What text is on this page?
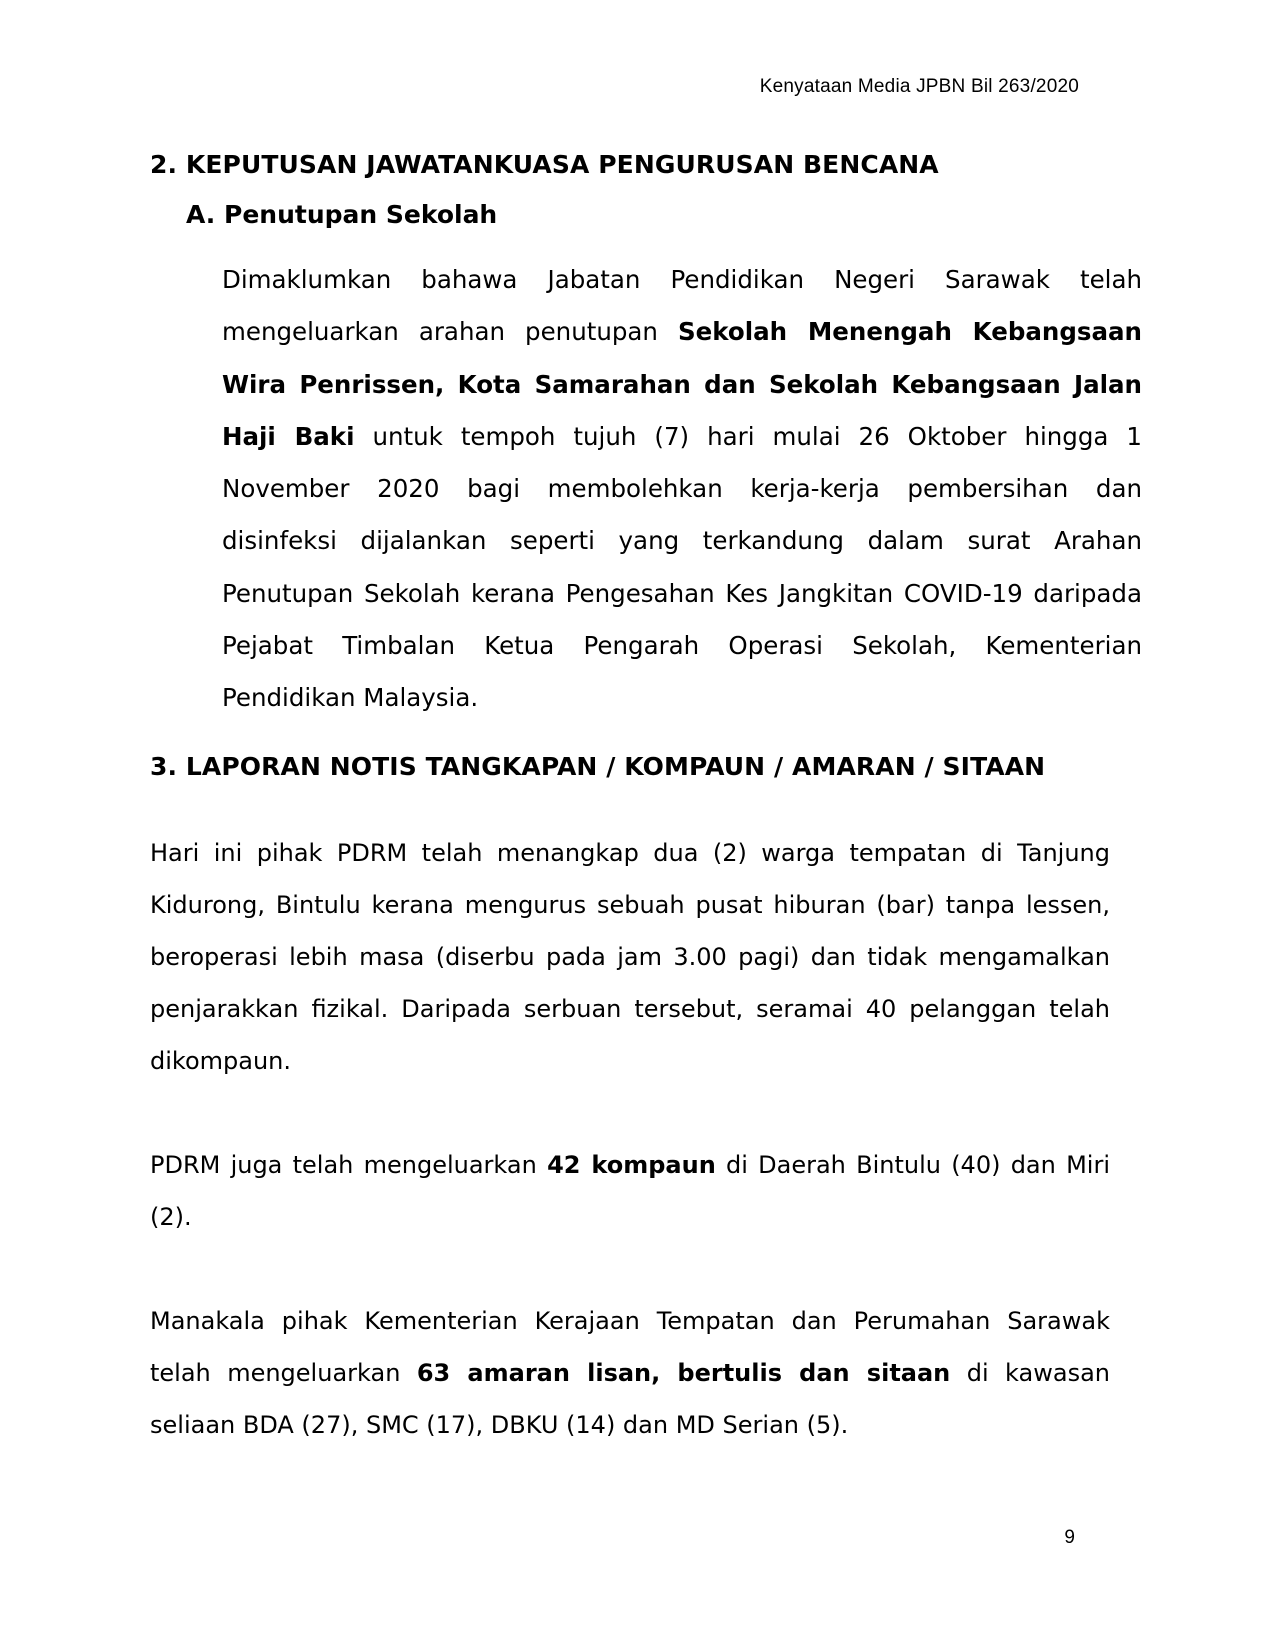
Kenyataan Media JPBN Bil 263/2020
2. KEPUTUSAN JAWATANKUASA PENGURUSAN BENCANA
A. Penutupan Sekolah

Dimaklumkan bahawa Jabatan Pendidikan Negeri Sarawak telah mengeluarkan arahan penutupan Sekolah Menengah Kebangsaan Wira Penrissen, Kota Samarahan dan Sekolah Kebangsaan Jalan Haji Baki untuk tempoh tujuh (7) hari mulai 26 Oktober hingga 1 November 2020 bagi membolehkan kerja-kerja pembersihan dan disinfeksi dijalankan seperti yang terkandung dalam surat Arahan Penutupan Sekolah kerana Pengesahan Kes Jangkitan COVID-19 daripada Pejabat Timbalan Ketua Pengarah Operasi Sekolah, Kementerian Pendidikan Malaysia.

3. LAPORAN NOTIS TANGKAPAN / KOMPAUN / AMARAN / SITAAN

Hari ini pihak PDRM telah menangkap dua (2) warga tempatan di Tanjung Kidurong, Bintulu kerana mengurus sebuah pusat hiburan (bar) tanpa lessen, beroperasi lebih masa (diserbu pada jam 3.00 pagi) dan tidak mengamalkan penjarakkan fizikal. Daripada serbuan tersebut, seramai 40 pelanggan telah dikompaun.

PDRM juga telah mengeluarkan 42 kompaun di Daerah Bintulu (40) dan Miri (2).

Manakala pihak Kementerian Kerajaan Tempatan dan Perumahan Sarawak telah mengeluarkan 63 amaran lisan, bertulis dan sitaan di kawasan seliaan BDA (27), SMC (17), DBKU (14) dan MD Serian (5).

9
